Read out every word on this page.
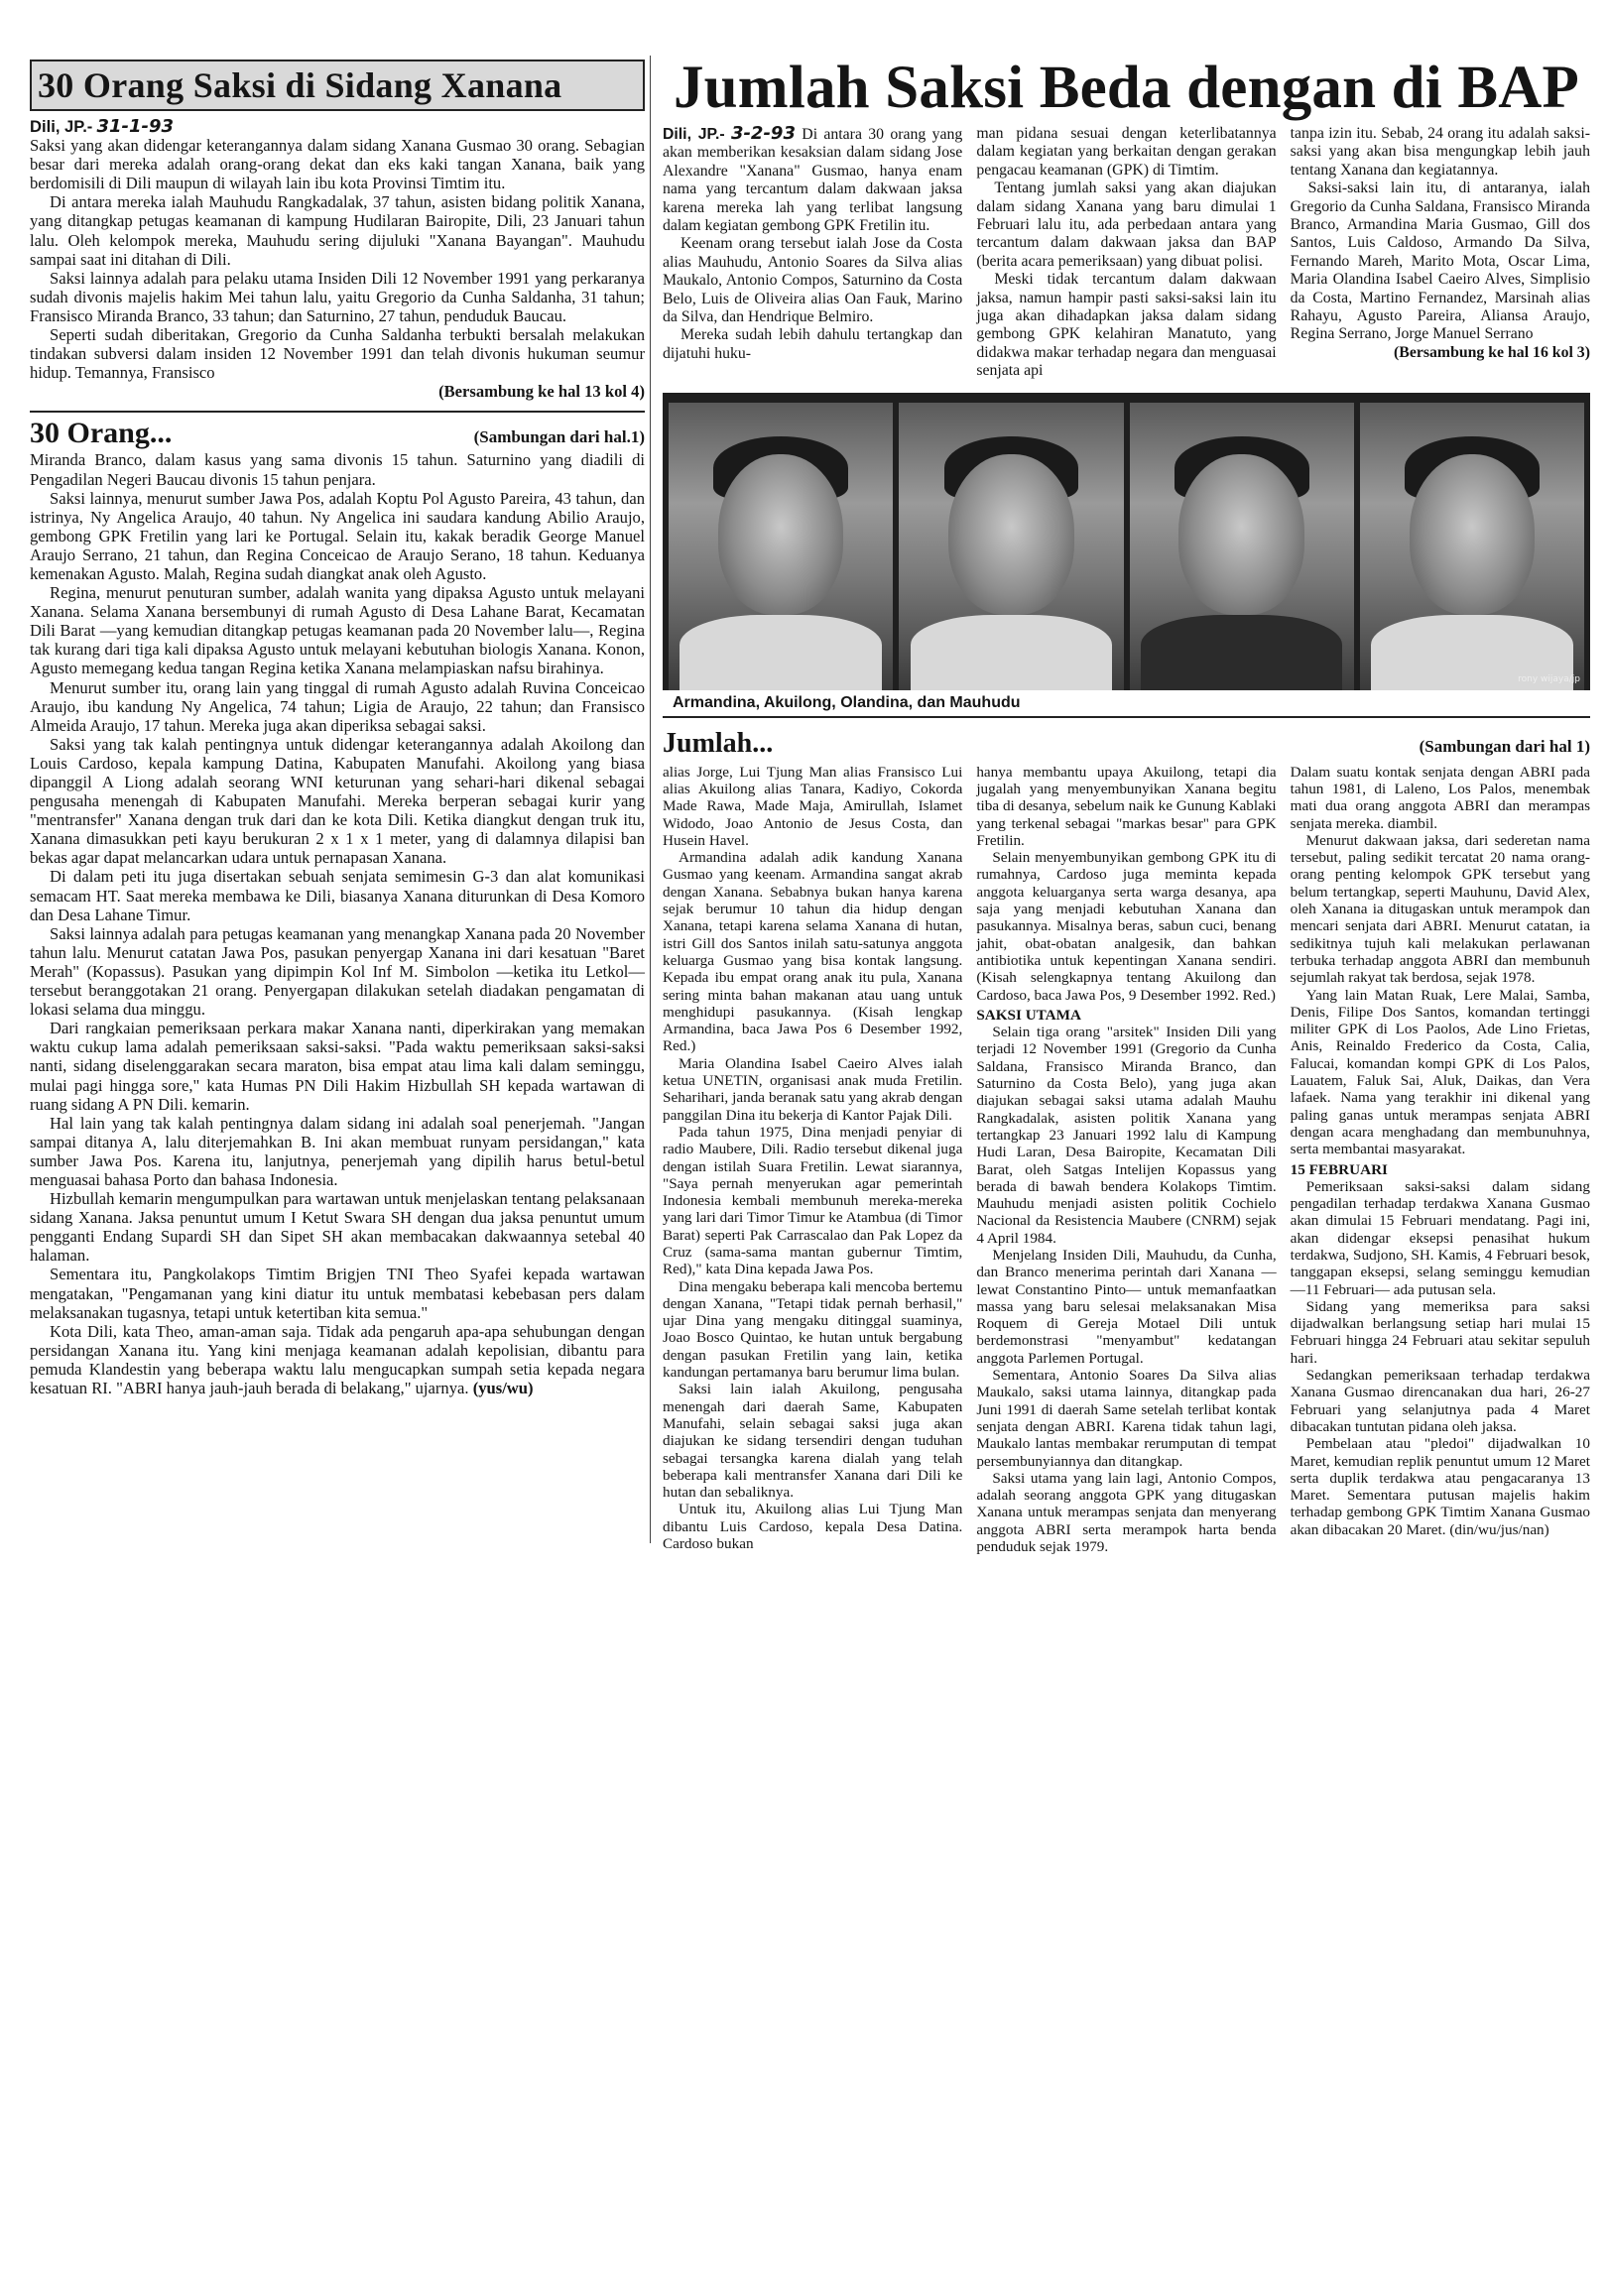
30 Orang Saksi di Sidang Xanana

Dili, JP.- 31-1-93
Saksi yang akan didengar keterangannya dalam sidang Xanana Gusmao 30 orang. Sebagian besar dari mereka adalah orang-orang dekat dan eks kaki tangan Xanana, baik yang berdomisili di Dili maupun di wilayah lain ibu kota Provinsi Timtim itu.

Di antara mereka ialah Mauhudu Rangkadalak, 37 tahun, asisten bidang politik Xanana, yang ditangkap petugas keamanan di kampung Hudilaran Bairopite, Dili, 23 Januari tahun lalu. Oleh kelompok mereka, Mauhudu sering dijuluki "Xanana Bayangan". Mauhudu sampai saat ini ditahan di Dili.

Saksi lainnya adalah para pelaku utama Insiden Dili 12 November 1991 yang perkaranya sudah divonis majelis hakim Mei tahun lalu, yaitu Gregorio da Cunha Saldanha, 31 tahun; Fransisco Miranda Branco, 33 tahun; dan Saturnino, 27 tahun, penduduk Baucau.

Seperti sudah diberitakan, Gregorio da Cunha Saldanha terbukti bersalah melakukan tindakan subversi dalam insiden 12 November 1991 dan telah divonis hukuman seumur hidup. Temannya, Fransisco

(Bersambung ke hal 13 kol 4)

30 Orang...	(Sambungan dari hal.1)

Miranda Branco, dalam kasus yang sama divonis 15 tahun. Saturnino yang diadili di Pengadilan Negeri Baucau divonis 15 tahun penjara.

Saksi lainnya, menurut sumber Jawa Pos, adalah Koptu Pol Agusto Pareira, 43 tahun, dan istrinya, Ny Angelica Araujo, 40 tahun. Ny Angelica ini saudara kandung Abilio Araujo, gembong GPK Fretilin yang lari ke Portugal. Selain itu, kakak beradik George Manuel Araujo Serrano, 21 tahun, dan Regina Conceicao de Araujo Serano, 18 tahun. Keduanya kemenakan Agusto. Malah, Regina sudah diangkat anak oleh Agusto.

Regina, menurut penuturan sumber, adalah wanita yang dipaksa Agusto untuk melayani Xanana. Selama Xanana bersembunyi di rumah Agusto di Desa Lahane Barat, Kecamatan Dili Barat —yang kemudian ditangkap petugas keamanan pada 20 November lalu—, Regina tak kurang dari tiga kali dipaksa Agusto untuk melayani kebutuhan biologis Xanana. Konon, Agusto memegang kedua tangan Regina ketika Xanana melampiaskan nafsu birahinya.

Menurut sumber itu, orang lain yang tinggal di rumah Agusto adalah Ruvina Conceicao Araujo, ibu kandung Ny Angelica, 74 tahun; Ligia de Araujo, 22 tahun; dan Fransisco Almeida Araujo, 17 tahun. Mereka juga akan diperiksa sebagai saksi.

Saksi yang tak kalah pentingnya untuk didengar keterangannya adalah Akoilong dan Louis Cardoso, kepala kampung Datina, Kabupaten Manufahi. Akoilong yang biasa dipanggil A Liong adalah seorang WNI keturunan yang sehari-hari dikenal sebagai pengusaha menengah di Kabupaten Manufahi. Mereka berperan sebagai kurir yang "mentransfer" Xanana dengan truk dari dan ke kota Dili. Ketika diangkut dengan truk itu, Xanana dimasukkan peti kayu berukuran 2 x 1 x 1 meter, yang di dalamnya dilapisi ban bekas agar dapat melancarkan udara untuk pernapasan Xanana.

Di dalam peti itu juga disertakan sebuah senjata semimesin G-3 dan alat komunikasi semacam HT. Saat mereka membawa ke Dili, biasanya Xanana diturunkan di Desa Komoro dan Desa Lahane Timur.

Saksi lainnya adalah para petugas keamanan yang menangkap Xanana pada 20 November tahun lalu. Menurut catatan Jawa Pos, pasukan penyergap Xanana ini dari kesatuan "Baret Merah" (Kopassus). Pasukan yang dipimpin Kol Inf M. Simbolon —ketika itu Letkol— tersebut beranggotakan 21 orang. Penyergapan dilakukan setelah diadakan pengamatan di lokasi selama dua minggu.

Dari rangkaian pemeriksaan perkara makar Xanana nanti, diperkirakan yang memakan waktu cukup lama adalah pemeriksaan saksi-saksi. "Pada waktu pemeriksaan saksi-saksi nanti, sidang diselenggarakan secara maraton, bisa empat atau lima kali dalam seminggu, mulai pagi hingga sore," kata Humas PN Dili Hakim Hizbullah SH kepada wartawan di ruang sidang A PN Dili. kemarin.

Hal lain yang tak kalah pentingnya dalam sidang ini adalah soal penerjemah. "Jangan sampai ditanya A, lalu diterjemahkan B. Ini akan membuat runyam persidangan," kata sumber Jawa Pos. Karena itu, lanjutnya, penerjemah yang dipilih harus betul-betul menguasai bahasa Porto dan bahasa Indonesia.

Hizbullah kemarin mengumpulkan para wartawan untuk menjelaskan tentang pelaksanaan sidang Xanana. Jaksa penuntut umum I Ketut Swara SH dengan dua jaksa penuntut umum pengganti Endang Supardi SH dan Sipet SH akan membacakan dakwaannya setebal 40 halaman.

Sementara itu, Pangkolakops Timtim Brigjen TNI Theo Syafei kepada wartawan mengatakan, "Pengamanan yang kini diatur itu untuk membatasi kebebasan pers dalam melaksanakan tugasnya, tetapi untuk ketertiban kita semua."

Kota Dili, kata Theo, aman-aman saja. Tidak ada pengaruh apa-apa sehubungan dengan persidangan Xanana itu. Yang kini menjaga keamanan adalah kepolisian, dibantu para pemuda Klandestin yang beberapa waktu lalu mengucapkan sumpah setia kepada negara kesatuan RI. "ABRI hanya jauh-jauh berada di belakang," ujarnya. (yus/wu)

Jumlah Saksi Beda dengan di BAP

Dili, JP.- 3-2-93 Di antara 30 orang yang akan memberikan kesaksian dalam sidang Jose Alexandre "Xanana" Gusmao, hanya enam nama yang tercantum dalam dakwaan jaksa karena mereka lah yang terlibat langsung dalam kegiatan gembong GPK Fretilin itu.

Keenam orang tersebut ialah Jose da Costa alias Mauhudu, Antonio Soares da Silva alias Maukalo, Antonio Compos, Saturnino da Costa Belo, Luis de Oliveira alias Oan Fauk, Marino da Silva, dan Hendrique Belmiro.

Mereka sudah lebih dahulu tertangkap dan dijatuhi huku-

man pidana sesuai dengan keterlibatannya dalam kegiatan yang berkaitan dengan gerakan pengacau keamanan (GPK) di Timtim.

Tentang jumlah saksi yang akan diajukan dalam sidang Xanana yang baru dimulai 1 Februari lalu itu, ada perbedaan antara yang tercantum dalam dakwaan jaksa dan BAP (berita acara pemeriksaan) yang dibuat polisi.

Meski tidak tercantum dalam dakwaan jaksa, namun hampir pasti saksi-saksi lain itu juga akan dihadapkan jaksa dalam sidang gembong GPK kelahiran Manatuto, yang didakwa makar terhadap negara dan menguasai senjata api

tanpa izin itu. Sebab, 24 orang itu adalah saksi-saksi yang akan bisa mengungkap lebih jauh tentang Xanana dan kegiatannya.

Saksi-saksi lain itu, di antaranya, ialah Gregorio da Cunha Saldana, Fransisco Miranda Branco, Armandina Maria Gusmao, Gill dos Santos, Luis Caldoso, Armando Da Silva, Fernando Mareh, Marito Mota, Oscar Lima, Maria Olandina Isabel Caeiro Alves, Simplisio da Costa, Martino Fernandez, Marsinah alias Rahayu, Agusto Pareira, Aliansa Araujo, Regina Serrano, Jorge Manuel Serrano

(Bersambung ke hal 16 kol 3)

rony wijaya/jp

Armandina, Akuilong, Olandina, dan Mauhudu

Jumlah...	(Sambungan dari hal 1)

alias Jorge, Lui Tjung Man alias Fransisco Lui alias Akuilong alias Tanara, Kadiyo, Cokorda Made Rawa, Made Maja, Amirullah, Islamet Widodo, Joao Antonio de Jesus Costa, dan Husein Havel.

Armandina adalah adik kandung Xanana Gusmao yang keenam. Armandina sangat akrab dengan Xanana. Sebabnya bukan hanya karena sejak berumur 10 tahun dia hidup dengan Xanana, tetapi karena selama Xanana di hutan, istri Gill dos Santos inilah satu-satunya anggota keluarga Gusmao yang bisa kontak langsung. Kepada ibu empat orang anak itu pula, Xanana sering minta bahan makanan atau uang untuk menghidupi pasukannya. (Kisah lengkap Armandina, baca Jawa Pos 6 Desember 1992, Red.)

Maria Olandina Isabel Caeiro Alves ialah ketua UNETIN, organisasi anak muda Fretilin. Seharihari, janda beranak satu yang akrab dengan panggilan Dina itu bekerja di Kantor Pajak Dili.

Pada tahun 1975, Dina menjadi penyiar di radio Maubere, Dili. Radio tersebut dikenal juga dengan istilah Suara Fretilin. Lewat siarannya, "Saya pernah menyerukan agar pemerintah Indonesia kembali membunuh mereka-mereka yang lari dari Timor Timur ke Atambua (di Timor Barat) seperti Pak Carrascalao dan Pak Lopez da Cruz (sama-sama mantan gubernur Timtim, Red)," kata Dina kepada Jawa Pos.

Dina mengaku beberapa kali mencoba bertemu dengan Xanana, "Tetapi tidak pernah berhasil," ujar Dina yang mengaku ditinggal suaminya, Joao Bosco Quintao, ke hutan untuk bergabung dengan pasukan Fretilin yang lain, ketika kandungan pertamanya baru berumur lima bulan.

Saksi lain ialah Akuilong, pengusaha menengah dari daerah Same, Kabupaten Manufahi, selain sebagai saksi juga akan diajukan ke sidang tersendiri dengan tuduhan sebagai tersangka karena dialah yang telah beberapa kali mentransfer Xanana dari Dili ke hutan dan sebaliknya.

Untuk itu, Akuilong alias Lui Tjung Man dibantu Luis Cardoso, kepala Desa Datina. Cardoso bukan

hanya membantu upaya Akuilong, tetapi dia jugalah yang menyembunyikan Xanana begitu tiba di desanya, sebelum naik ke Gunung Kablaki yang terkenal sebagai "markas besar" para GPK Fretilin.

Selain menyembunyikan gembong GPK itu di rumahnya, Cardoso juga meminta kepada anggota keluarganya serta warga desanya, apa saja yang menjadi kebutuhan Xanana dan pasukannya. Misalnya beras, sabun cuci, benang jahit, obat-obatan analgesik, dan bahkan antibiotika untuk kepentingan Xanana sendiri. (Kisah selengkapnya tentang Akuilong dan Cardoso, baca Jawa Pos, 9 Desember 1992. Red.)

SAKSI UTAMA

Selain tiga orang "arsitek" Insiden Dili yang terjadi 12 November 1991 (Gregorio da Cunha Saldana, Fransisco Miranda Branco, dan Saturnino da Costa Belo), yang juga akan diajukan sebagai saksi utama adalah Mauhu Rangkadalak, asisten politik Xanana yang tertangkap 23 Januari 1992 lalu di Kampung Hudi Laran, Desa Bairopite, Kecamatan Dili Barat, oleh Satgas Intelijen Kopassus yang berada di bawah bendera Kolakops Timtim. Mauhudu menjadi asisten politik Cochielo Nacional da Resistencia Maubere (CNRM) sejak 4 April 1984.

Menjelang Insiden Dili, Mauhudu, da Cunha, dan Branco menerima perintah dari Xanana —lewat Constantino Pinto— untuk memanfaatkan massa yang baru selesai melaksanakan Misa Roquem di Gereja Motael Dili untuk berdemonstrasi "menyambut" kedatangan anggota Parlemen Portugal.

Sementara, Antonio Soares Da Silva alias Maukalo, saksi utama lainnya, ditangkap pada Juni 1991 di daerah Same setelah terlibat kontak senjata dengan ABRI. Karena tidak tahun lagi, Maukalo lantas membakar rerumputan di tempat persembunyiannya dan ditangkap.

Saksi utama yang lain lagi, Antonio Compos, adalah seorang anggota GPK yang ditugaskan Xanana untuk merampas senjata dan menyerang anggota ABRI serta merampok harta benda penduduk sejak 1979.

Dalam suatu kontak senjata dengan ABRI pada tahun 1981, di Laleno, Los Palos, menembak mati dua orang anggota ABRI dan merampas senjata mereka. diambil.

Menurut dakwaan jaksa, dari sederetan nama tersebut, paling sedikit tercatat 20 nama orang-orang penting kelompok GPK tersebut yang belum tertangkap, seperti Mauhunu, David Alex, oleh Xanana ia ditugaskan untuk merampok dan mencari senjata dari ABRI. Menurut catatan, ia sedikitnya tujuh kali melakukan perlawanan terbuka terhadap anggota ABRI dan membunuh sejumlah rakyat tak berdosa, sejak 1978.

Yang lain Matan Ruak, Lere Malai, Samba, Denis, Filipe Dos Santos, komandan tertinggi militer GPK di Los Paolos, Ade Lino Frietas, Anis, Reinaldo Frederico da Costa, Calia, Falucai, komandan kompi GPK di Los Palos, Lauatem, Faluk Sai, Aluk, Daikas, dan Vera lafaek. Nama yang terakhir ini dikenal yang paling ganas untuk merampas senjata ABRI dengan acara menghadang dan membunuhnya, serta membantai masyarakat.

15 FEBRUARI

Pemeriksaan saksi-saksi dalam sidang pengadilan terhadap terdakwa Xanana Gusmao akan dimulai 15 Februari mendatang. Pagi ini, akan didengar eksepsi penasihat hukum terdakwa, Sudjono, SH. Kamis, 4 Februari besok, tanggapan eksepsi, selang seminggu kemudian —11 Februari— ada putusan sela.

Sidang yang memeriksa para saksi dijadwalkan berlangsung setiap hari mulai 15 Februari hingga 24 Februari atau sekitar sepuluh hari.

Sedangkan pemeriksaan terhadap terdakwa Xanana Gusmao direncanakan dua hari, 26-27 Februari yang selanjutnya pada 4 Maret dibacakan tuntutan pidana oleh jaksa.

Pembelaan atau "pledoi" dijadwalkan 10 Maret, kemudian replik penuntut umum 12 Maret serta duplik terdakwa atau pengacaranya 13 Maret. Sementara putusan majelis hakim terhadap gembong GPK Timtim Xanana Gusmao akan dibacakan 20 Maret. (din/wu/jus/nan)
